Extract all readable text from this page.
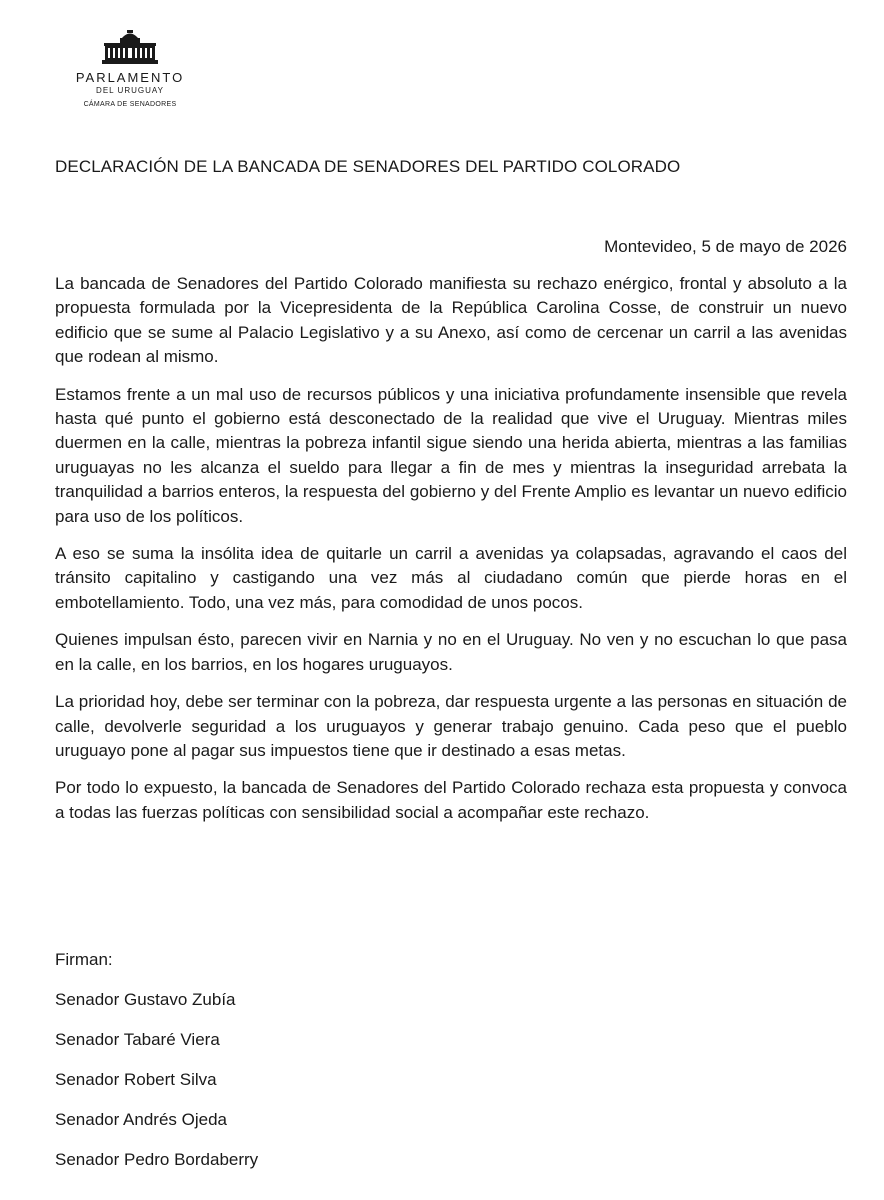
PARLAMENTO
DEL URUGUAY
CÁMARA DE SENADORES
DECLARACIÓN DE LA BANCADA DE SENADORES DEL PARTIDO COLORADO
Montevideo, 5 de mayo de 2026

La bancada de Senadores del Partido Colorado manifiesta su rechazo enérgico, frontal y absoluto a la propuesta formulada por la Vicepresidenta de la República Carolina Cosse, de construir un nuevo edificio que se sume al Palacio Legislativo y a su Anexo, así como de cercenar un carril a las avenidas que rodean al mismo.

Estamos frente a un mal uso de recursos públicos y una iniciativa profundamente insensible que revela hasta qué punto el gobierno está desconectado de la realidad que vive el Uruguay. Mientras miles duermen en la calle, mientras la pobreza infantil sigue siendo una herida abierta, mientras a las familias uruguayas no les alcanza el sueldo para llegar a fin de mes y mientras la inseguridad arrebata la tranquilidad a barrios enteros, la respuesta del gobierno y del Frente Amplio es levantar un nuevo edificio para uso de los políticos.

A eso se suma la insólita idea de quitarle un carril a avenidas ya colapsadas, agravando el caos del tránsito capitalino y castigando una vez más al ciudadano común que pierde horas en el embotellamiento. Todo, una vez más, para comodidad de unos pocos.

Quienes impulsan ésto, parecen vivir en Narnia y no en el Uruguay. No ven y no escuchan lo que pasa en la calle, en los barrios, en los hogares uruguayos.

La prioridad hoy, debe ser terminar con la pobreza, dar respuesta urgente a las personas en situación de calle, devolverle seguridad a los uruguayos y generar trabajo genuino. Cada peso que el pueblo uruguayo pone al pagar sus impuestos tiene que ir destinado a esas metas.

Por todo lo expuesto, la bancada de Senadores del Partido Colorado rechaza esta propuesta y convoca a todas las fuerzas políticas con sensibilidad social a acompañar este rechazo.

Firman:
Senador Gustavo Zubía
Senador Tabaré Viera
Senador Robert Silva
Senador Andrés Ojeda
Senador Pedro Bordaberry
